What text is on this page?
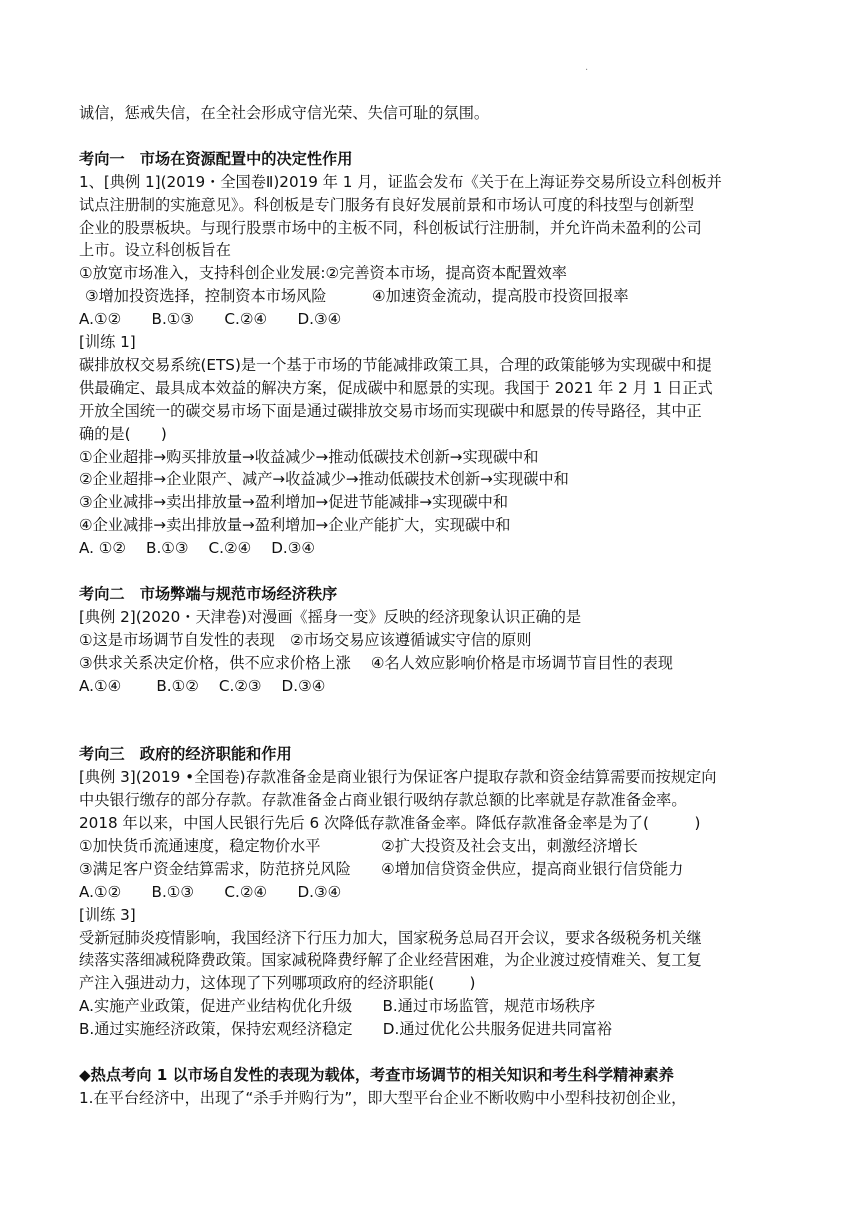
.
诚信，惩戒失信，在全社会形成守信光荣、失信可耻的氛围。
考向一　市场在资源配置中的决定性作用
1、[典例 1](2019・全国卷Ⅱ)2019 年 1 月，证监会发布《关于在上海证券交易所设立科创板并
试点注册制的实施意见》。科创板是专门服务有良好发展前景和市场认可度的科技型与创新型
企业的股票板块。与现行股票市场中的主板不同，科创板试行注册制，并允许尚未盈利的公司
上市。设立科创板旨在
①放宽市场准入，支持科创企业发展:②完善资本市场，提高资本配置效率
③增加投资选择，控制资本市场风险　　　④加速资金流动，提高股市投资回报率
A.①②　　B.①③　　C.②④　　D.③④
[训练 1]
碳排放权交易系统(ETS)是一个基于市场的节能减排政策工具，合理的政策能够为实现碳中和提
供最确定、最具成本效益的解决方案，促成碳中和愿景的实现。我国于 2021 年 2 月 1 日正式
开放全国统一的碳交易市场下面是通过碳排放交易市场而实现碳中和愿景的传导路径，其中正
确的是(　　)
①企业超排→购买排放量→收益减少→推动低碳技术创新→实现碳中和
②企业超排→企业限产、减产→收益减少→推动低碳技术创新→实现碳中和
③企业减排→卖出排放量→盈利增加→促进节能减排→实现碳中和
④企业减排→卖出排放量→盈利增加→企业产能扩大，实现碳中和
A. ①②　 B.①③　 C.②④　 D.③④
考向二　市场弊端与规范市场经济秩序
[典例 2](2020・天津卷)对漫画《摇身一变》反映的经济现象认识正确的是
①这是市场调节自发性的表现　②市场交易应该遵循诚实守信的原则
③供求关系决定价格，供不应求价格上涨　 ④名人效应影响价格是市场调节盲目性的表现
A.①④　　 B.①②　 C.②③　 D.③④
考向三　政府的经济职能和作用
[典例 3](2019 •全国卷)存款准备金是商业银行为保证客户提取存款和资金结算需要而按规定向
中央银行缴存的部分存款。存款准备金占商业银行吸纳存款总额的比率就是存款准备金率。
2018 年以来，中国人民银行先后 6 次降低存款准备金率。降低存款准备金率是为了(　　　)
①加快货币流通速度，稳定物价水平　　　　②扩大投资及社会支出，刺激经济增长
③满足客户资金结算需求，防范挤兑风险　　④增加信贷资金供应，提高商业银行信贷能力
A.①②　　B.①③　　C.②④　　D.③④
[训练 3]
受新冠肺炎疫情影响，我国经济下行压力加大，国家税务总局召开会议，要求各级税务机关继
续落实落细减税降费政策。国家减税降费纾解了企业经营困难，为企业渡过疫情难关、复工复
产注入强进动力，这体现了下列哪项政府的经济职能(　　 )
A.实施产业政策，促进产业结构优化升级　　B.通过市场监管，规范市场秩序
B.通过实施经济政策，保持宏观经济稳定　　D.通过优化公共服务促进共同富裕
◆热点考向 1 以市场自发性的表现为载体，考查市场调节的相关知识和考生科学精神素养
1.在平台经济中，出现了“杀手并购行为”，即大型平台企业不断收购中小型科技初创企业，
